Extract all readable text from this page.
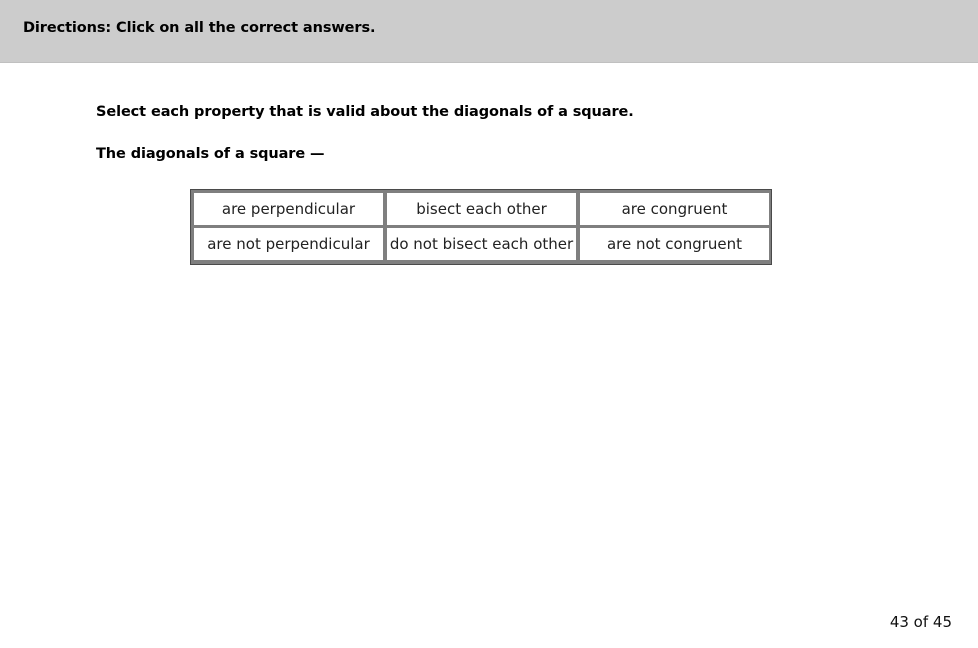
Directions: Click on all the correct answers.
Select each property that is valid about the diagonals of a square.
The diagonals of a square —
are perpendicular	bisect each other	are congruent
are not perpendicular	do not bisect each other	are not congruent
43 of 45
